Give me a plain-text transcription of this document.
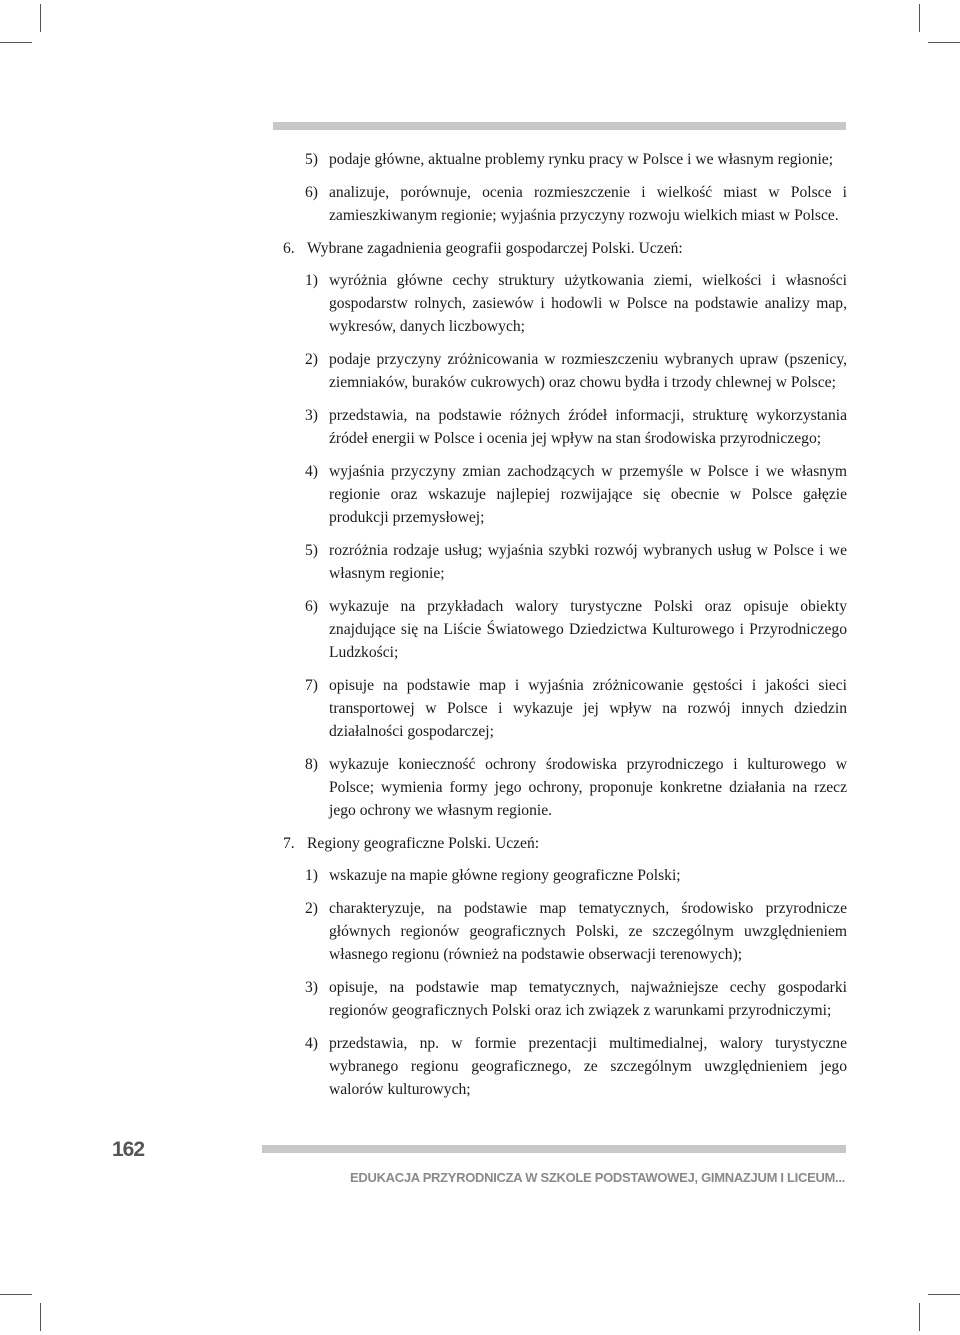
5) podaje główne, aktualne problemy rynku pracy w Polsce i we własnym regionie;
6) analizuje, porównuje, ocenia rozmieszczenie i wielkość miast w Polsce i zamieszkiwanym regionie; wyjaśnia przyczyny rozwoju wielkich miast w Polsce.
6. Wybrane zagadnienia geografii gospodarczej Polski. Uczeń:
1) wyróżnia główne cechy struktury użytkowania ziemi, wielkości i własności gospodarstw rolnych, zasiewów i hodowli w Polsce na podstawie analizy map, wykresów, danych liczbowych;
2) podaje przyczyny zróżnicowania w rozmieszczeniu wybranych upraw (pszenicy, ziemniaków, buraków cukrowych) oraz chowu bydła i trzody chlewnej w Polsce;
3) przedstawia, na podstawie różnych źródeł informacji, strukturę wykorzystania źródeł energii w Polsce i ocenia jej wpływ na stan środowiska przyrodniczego;
4) wyjaśnia przyczyny zmian zachodzących w przemyśle w Polsce i we własnym regionie oraz wskazuje najlepiej rozwijające się obecnie w Polsce gałęzie produkcji przemysłowej;
5) rozróżnia rodzaje usług; wyjaśnia szybki rozwój wybranych usług w Polsce i we własnym regionie;
6) wykazuje na przykładach walory turystyczne Polski oraz opisuje obiekty znajdujące się na Liście Światowego Dziedzictwa Kulturowego i Przyrodniczego Ludzkości;
7) opisuje na podstawie map i wyjaśnia zróżnicowanie gęstości i jakości sieci transportowej w Polsce i wykazuje jej wpływ na rozwój innych dziedzin działalności gospodarczej;
8) wykazuje konieczność ochrony środowiska przyrodniczego i kulturowego w Polsce; wymienia formy jego ochrony, proponuje konkretne działania na rzecz jego ochrony we własnym regionie.
7. Regiony geograficzne Polski. Uczeń:
1) wskazuje na mapie główne regiony geograficzne Polski;
2) charakteryzuje, na podstawie map tematycznych, środowisko przyrodnicze głównych regionów geograficznych Polski, ze szczególnym uwzględnieniem własnego regionu (również na podstawie obserwacji terenowych);
3) opisuje, na podstawie map tematycznych, najważniejsze cechy gospodarki regionów geograficznych Polski oraz ich związek z warunkami przyrodniczymi;
4) przedstawia, np. w formie prezentacji multimedialnej, walory turystyczne wybranego regionu geograficznego, ze szczególnym uwzględnieniem jego walorów kulturowych;
162
EDUKACJA PRZYRODNICZA W SZKOLE PODSTAWOWEJ, GIMNAZJUM I LICEUM...
